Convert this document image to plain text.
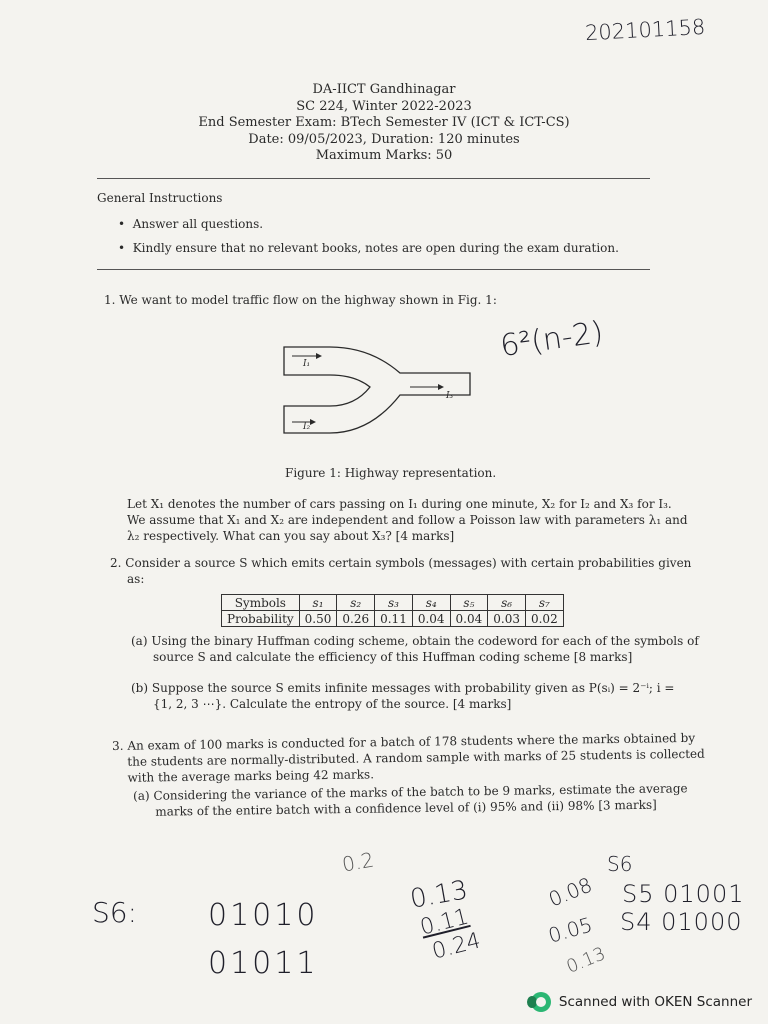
202101158
DA-IICT Gandhinagar
SC 224, Winter 2022-2023
End Semester Exam: BTech Semester IV (ICT & ICT-CS)
Date: 09/05/2023, Duration: 120 minutes
Maximum Marks: 50
General Instructions
•  Answer all questions.
•  Kindly ensure that no relevant books, notes are open during the exam duration.
1. We want to model traffic flow on the highway shown in Fig. 1:
I₁
I₂
I₃
6²(n-2)
Figure 1: Highway representation.
Let X₁ denotes the number of cars passing on I₁ during one minute, X₂ for I₂ and X₃ for I₃.
We assume that X₁ and X₂ are independent and follow a Poisson law with parameters λ₁ and
λ₂ respectively. What can you say about X₃? [4 marks]
2. Consider a source S which emits certain symbols (messages) with certain probabilities given
as:
Symbols	s₁	s₂	s₃	s₄	s₅	s₆	s₇
Probability	0.50	0.26	0.11	0.04	0.04	0.03	0.02
(a) Using the binary Huffman coding scheme, obtain the codeword for each of the symbols of
source S and calculate the efficiency of this Huffman coding scheme [8 marks]
(b) Suppose the source S emits infinite messages with probability given as P(sᵢ) = 2⁻ⁱ; i =
{1, 2, 3 ⋯}. Calculate the entropy of the source. [4 marks]
3. An exam of 100 marks is conducted for a batch of 178 students where the marks obtained by
the students are normally-distributed. A random sample with marks of 25 students is collected
with the average marks being 42 marks.
(a) Considering the variance of the marks of the batch to be 9 marks, estimate the average
marks of the entire batch with a confidence level of (i) 95% and (ii) 98% [3 marks]
S6: 01010
01011
0.2
0.13
0.11
0.24
S6
0.08 S5 01001
0.05 S4 01000
0.13
Scanned with OKEN Scanner
